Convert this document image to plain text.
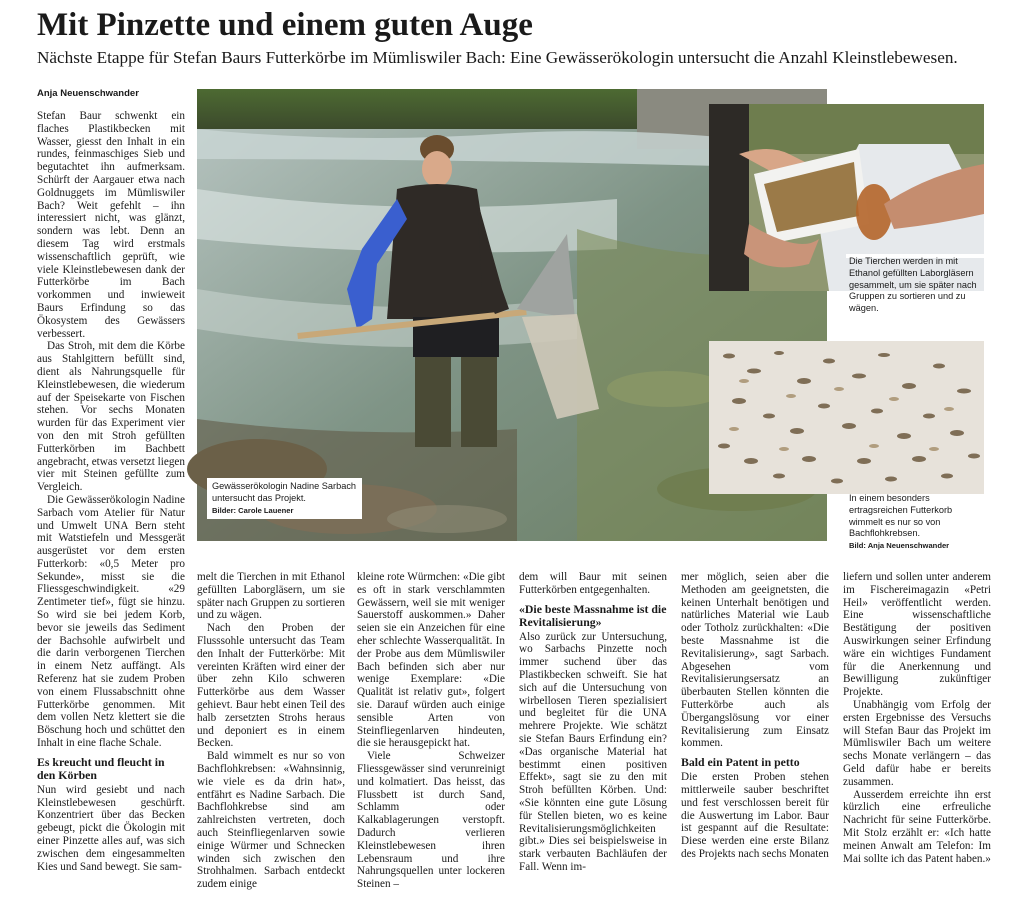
Mit Pinzette und einem guten Auge
Nächste Etappe für Stefan Baurs Futterkörbe im Mümliswiler Bach: Eine Gewässerökologin untersucht die Anzahl Kleinstlebewesen.
Anja Neuenschwander

Stefan Baur schwenkt ein flaches Plastikbecken mit Wasser, giesst den Inhalt in ein rundes, feinmaschiges Sieb und begutachtet ihn aufmerksam. Schürft der Aargauer etwa nach Goldnuggets im Mümliswiler Bach? Weit gefehlt – ihn interessiert nicht, was glänzt, sondern was lebt. Denn an diesem Tag wird erstmals wissenschaftlich geprüft, wie viele Kleinstlebewesen dank der Futterkörbe im Bach vorkommen und inwieweit Baurs Erfindung so das Ökosystem des Gewässers verbessert.

Das Stroh, mit dem die Körbe aus Stahlgittern befüllt sind, dient als Nahrungsquelle für Kleinstlebewesen, die wiederum auf der Speisekarte von Fischen stehen. Vor sechs Monaten wurden für das Experiment vier von den mit Stroh gefüllten Futterkörben im Bachbett angebracht, etwas versetzt liegen vier mit Steinen gefüllte zum Vergleich.

Die Gewässerökologin Nadine Sarbach vom Atelier für Natur und Umwelt UNA Bern steht mit Watstiefeln und Messgerät ausgerüstet vor dem ersten Futterkorb: «0,5 Meter pro Sekunde», misst sie die Fliessgeschwindigkeit. «29 Zentimeter tief», fügt sie hinzu. So wird sie bei jedem Korb, bevor sie jeweils das Sediment der Bachsohle aufwirbelt und die darin verborgenen Tierchen in einem Netz auffängt. Als Referenz hat sie zudem Proben von einem Flussabschnitt ohne Futterkörbe genommen. Mit dem vollen Netz klettert sie die Böschung hoch und schüttet den Inhalt in eine flache Schale.

Es kreucht und fleucht in den Körben

Nun wird gesiebt und nach Kleinstlebewesen geschürft. Konzentriert über das Becken gebeugt, pickt die Ökologin mit einer Pinzette alles auf, was sich zwischen dem eingesammelten Kies und Sand bewegt. Sie sam-

Gewässerökologin Nadine Sarbach untersucht das Projekt.
Bilder: Carole Lauener
Die Tierchen werden in mit Ethanol gefüllten Laborgläsern gesammelt, um sie später nach Gruppen zu sortieren und zu wägen.
In einem besonders ertragsreichen Futterkorb wimmelt es nur so von Bachflohkrebsen.
Bild: Anja Neuenschwander

melt die Tierchen in mit Ethanol gefüllten Laborgläsern, um sie später nach Gruppen zu sortieren und zu wägen.

Nach den Proben der Flusssohle untersucht das Team den Inhalt der Futterkörbe: Mit vereinten Kräften wird einer der über zehn Kilo schweren Futterkörbe aus dem Wasser gehievt. Baur hebt einen Teil des halb zersetzten Strohs heraus und deponiert es in einem Becken.

Bald wimmelt es nur so von Bachflohkrebsen: «Wahnsinnig, wie viele es da drin hat», entfährt es Nadine Sarbach. Die Bachflohkrebse sind am zahlreichsten vertreten, doch auch Steinfliegenlarven sowie einige Würmer und Schnecken winden sich zwischen den Strohhalmen. Sarbach entdeckt zudem einige

kleine rote Würmchen: «Die gibt es oft in stark verschlammten Gewässern, weil sie mit weniger Sauerstoff auskommen.» Daher seien sie ein Anzeichen für eine eher schlechte Wasserqualität. In der Probe aus dem Mümliswiler Bach befinden sich aber nur wenige Exemplare: «Die Qualität ist relativ gut», folgert sie. Darauf würden auch einige sensible Arten von Steinfliegenlarven hindeuten, die sie herausgepickt hat.

Viele Schweizer Fliessgewässer sind verunreinigt und kolmatiert. Das heisst, das Flussbett ist durch Sand, Schlamm oder Kalkablagerungen verstopft. Dadurch verlieren Kleinstlebewesen ihren Lebensraum und ihre Nahrungsquellen unter lockeren Steinen –

dem will Baur mit seinen Futterkörben entgegenhalten.

«Die beste Massnahme ist die Revitalisierung»

Also zurück zur Untersuchung, wo Sarbachs Pinzette noch immer suchend über das Plastikbecken schweift. Sie hat sich auf die Untersuchung von wirbellosen Tieren spezialisiert und begleitet für die UNA mehrere Projekte. Wie schätzt sie Stefan Baurs Erfindung ein? «Das organische Material hat bestimmt einen positiven Effekt», sagt sie zu den mit Stroh befüllten Körben. Und: «Sie könnten eine gute Lösung für Stellen bieten, wo es keine Revitalisierungsmöglichkeiten gibt.» Dies sei beispielsweise in stark verbauten Bachläufen der Fall. Wenn im-

mer möglich, seien aber die Methoden am geeignetsten, die keinen Unterhalt benötigen und natürliches Material wie Laub oder Totholz zurückhalten: «Die beste Massnahme ist die Revitalisierung», sagt Sarbach. Abgesehen vom Revitalisierungsersatz an überbauten Stellen könnten die Futterkörbe auch als Übergangslösung vor einer Revitalisierung zum Einsatz kommen.

Bald ein Patent in petto

Die ersten Proben stehen mittlerweile sauber beschriftet und fest verschlossen bereit für die Auswertung im Labor. Baur ist gespannt auf die Resultate: Diese werden eine erste Bilanz des Projekts nach sechs Monaten

liefern und sollen unter anderem im Fischereimagazin «Petri Heil» veröffentlicht werden. Eine wissenschaftliche Bestätigung der positiven Auswirkungen seiner Erfindung wäre ein wichtiges Fundament für die Anerkennung und Bewilligung zukünftiger Projekte.

Unabhängig vom Erfolg der ersten Ergebnisse des Versuchs will Stefan Baur das Projekt im Mümliswiler Bach um weitere sechs Monate verlängern – das Geld dafür habe er bereits zusammen.

Ausserdem erreichte ihn erst kürzlich eine erfreuliche Nachricht für seine Futterkörbe. Mit Stolz erzählt er: «Ich hatte meinen Anwalt am Telefon: Im Mai sollte ich das Patent haben.»
